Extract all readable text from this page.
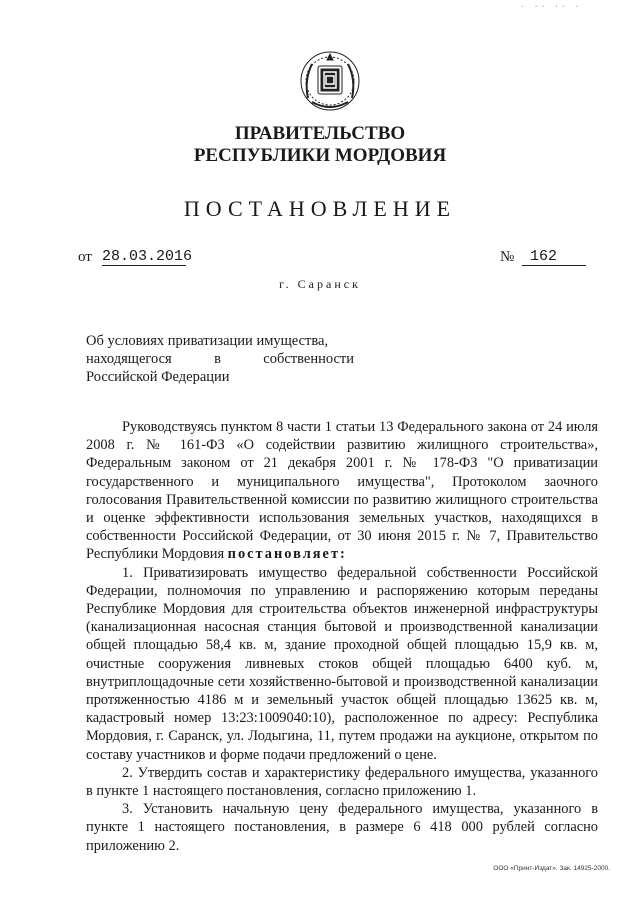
· ·· ·· ·
ПРАВИТЕЛЬСТВО
РЕСПУБЛИКИ МОРДОВИЯ
ПОСТАНОВЛЕНИЕ
от 28.03.2016	№	162
г. Саранск

Об условиях приватизации имущества,

находящегося в собственности

Российской Федерации

Руководствуясь пунктом 8 части 1 статьи 13 Федерального закона от 24 июля 2008 г. № 161-ФЗ «О содействии развитию жилищного строительства», Федеральным законом от 21 декабря 2001 г. № 178-ФЗ "О приватизации государственного и муниципального имущества", Протоколом заочного голосования Правительственной комиссии по развитию жилищного строительства и оценке эффективности использования земельных участков, находящихся в собственности Российской Федерации, от 30 июня 2015 г. № 7, Правительство Республики Мордовия постановляет:

1. Приватизировать имущество федеральной собственности Российской Федерации, полномочия по управлению и распоряжению которым переданы Республике Мордовия для строительства объектов инженерной инфраструктуры (канализационная насосная станция бытовой и производственной канализации общей площадью 58,4 кв. м, здание проходной общей площадью 15,9 кв. м, очистные сооружения ливневых стоков общей площадью 6400 куб. м, внутриплощадочные сети хозяйственно-бытовой и производственной канализации протяженностью 4186 м и земельный участок общей площадью 13625 кв. м, кадастровый номер 13:23:1009040:10), расположенное по адресу: Республика Мордовия, г. Саранск, ул. Лодыгина, 11, путем продажи на аукционе, открытом по составу участников и форме подачи предложений о цене.

2. Утвердить состав и характеристику федерального имущества, указанного в пункте 1 настоящего постановления, согласно приложению 1.

3. Установить начальную цену федерального имущества, указанного в пункте 1 настоящего постановления, в размере 6 418 000 рублей согласно приложению 2.

ООО «Принт-Издат». Зак. 14925-2000.
